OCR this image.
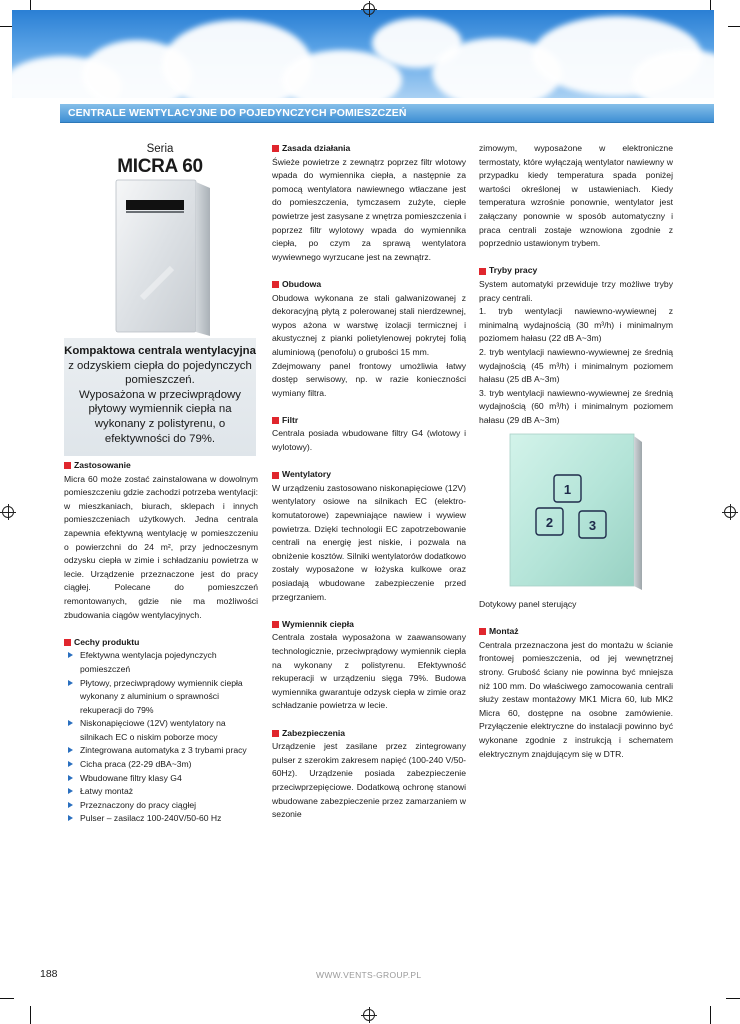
CENTRALE WENTYLACYJNE DO POJEDYNCZYCH POMIESZCZEŃ
Seria
MICRA 60
Kompaktowa centrala wentylacyjna z odzyskiem ciepła do pojedynczych pomieszczeń.
Wyposażona w przeciwprądowy płytowy wymiennik ciepła na wykonany z polistyrenu, o efektywności do 79%.

Zastosowanie

Micra 60 może zostać zainstalowana w dowolnym pomieszczeniu gdzie zachodzi potrzeba wentylacji: w mieszkaniach, biurach, sklepach i innych pomieszczeniach użytkowych. Jedna centrala zapewnia efektywną wentylację w pomieszczeniu o powierzchni do 24 m², przy jednoczesnym odzysku ciepła w zimie i schładzaniu powietrza w lecie. Urządzenie przeznaczone jest do pracy ciągłej. Polecane do pomieszczeń remontowanych, gdzie nie ma możliwości zbudowania ciągów wentylacyjnych.

Cechy produktu

Efektywna wentylacja pojedynczych pomieszczeń
Płytowy, przeciwprądowy wymiennik ciepła wykonany z aluminium o sprawności rekuperacji do 79%
Niskonapięciowe (12V) wentylatory na silnikach EC o niskim poborze mocy
Zintegrowana automatyka z 3 trybami pracy
Cicha praca (22-29 dBA~3m)
Wbudowane filtry klasy G4
Łatwy montaż
Przeznaczony do pracy ciągłej
Pulser – zasilacz 100-240V/50-60 Hz

Zasada działania

Świeże powietrze z zewnątrz poprzez filtr wlotowy wpada do wymiennika ciepła, a następnie za pomocą wentylatora nawiewnego wtłaczane jest do pomieszczenia, tymczasem zużyte, ciepłe powietrze jest zasysane z wnętrza pomieszczenia i poprzez filtr wylotowy wpada do wymiennika ciepła, po czym za sprawą wentylatora wywiewnego wyrzucane jest na zewnątrz.

Obudowa

Obudowa wykonana ze stali galwanizowanej z dekoracyjną płytą z polerowanej stali nierdzewnej, wypos ażona w warstwę izolacji termicznej i akustycznej z pianki polietylenowej pokrytej folią aluminiową (penofolu) o grubości 15 mm.

Zdejmowany panel frontowy umożliwia łatwy dostęp serwisowy, np. w razie konieczności wymiany filtra.

Filtr

Centrala posiada wbudowane filtry G4 (wlotowy i wylotowy).

Wentylatory

W urządzeniu zastosowano niskonapięciowe (12V) wentylatory osiowe na silnikach EC (elektro-komutatorowe) zapewniające nawiew i wywiew powietrza. Dzięki technologii EC zapotrzebowanie centrali na energię jest niskie, i pozwala na obniżenie kosztów. Silniki wentylatorów dodatkowo zostały wyposażone w łożyska kulkowe oraz posiadają wbudowane zabezpieczenie przed przegrzaniem.

Wymiennik ciepła

Centrala została wyposażona w zaawansowany technologicznie, przeciwprądowy wymiennik ciepła na wykonany z polistyrenu. Efektywność rekuperacji w urządzeniu sięga 79%. Budowa wymiennika gwarantuje odzysk ciepła w zimie oraz schładzanie powietrza w lecie.

Zabezpieczenia

Urządzenie jest zasilane przez zintegrowany pulser z szerokim zakresem napięć (100-240 V/50-60Hz). Urządzenie posiada zabezpieczenie przeciwprzepięciowe. Dodatkową ochronę stanowi wbudowane zabezpieczenie przez zamarzaniem w sezonie

zimowym, wyposażone w elektroniczne termostaty, które wyłączają wentylator nawiewny w przypadku kiedy temperatura spada poniżej wartości określonej w ustawieniach. Kiedy temperatura wzrośnie ponownie, wentylator jest załączany ponownie w sposób automatyczny i praca centrali zostaje wznowiona zgodnie z poprzednio ustawionym trybem.

Tryby pracy

System automatyki przewiduje trzy możliwe tryby pracy centrali.

1. tryb wentylacji nawiewno-wywiewnej z minimalną wydajnością (30 m³/h) i minimalnym poziomem hałasu (22 dB A~3m)

2. tryb wentylacji nawiewno-wywiewnej ze średnią wydajnością (45 m³/h) i minimalnym poziomem hałasu (25 dB A~3m)

3. tryb wentylacji nawiewno-wywiewnej ze średnią wydajnością (60 m³/h) i minimalnym poziomem hałasu (29 dB A~3m)

1
2	3

Dotykowy panel sterujący

Montaż

Centrala przeznaczona jest do montażu w ścianie frontowej pomieszczenia, od jej wewnętrznej strony. Grubość ściany nie powinna być mniejsza niż 100 mm. Do właściwego zamocowania centrali służy zestaw montażowy MK1 Micra 60, lub MK2 Micra 60, dostępne na osobne zamówienie. Przyłączenie elektryczne do instalacji powinno być wykonane zgodnie z instrukcją i schematem elektrycznym znajdującym się w DTR.

188	WWW.VENTS-GROUP.PL
